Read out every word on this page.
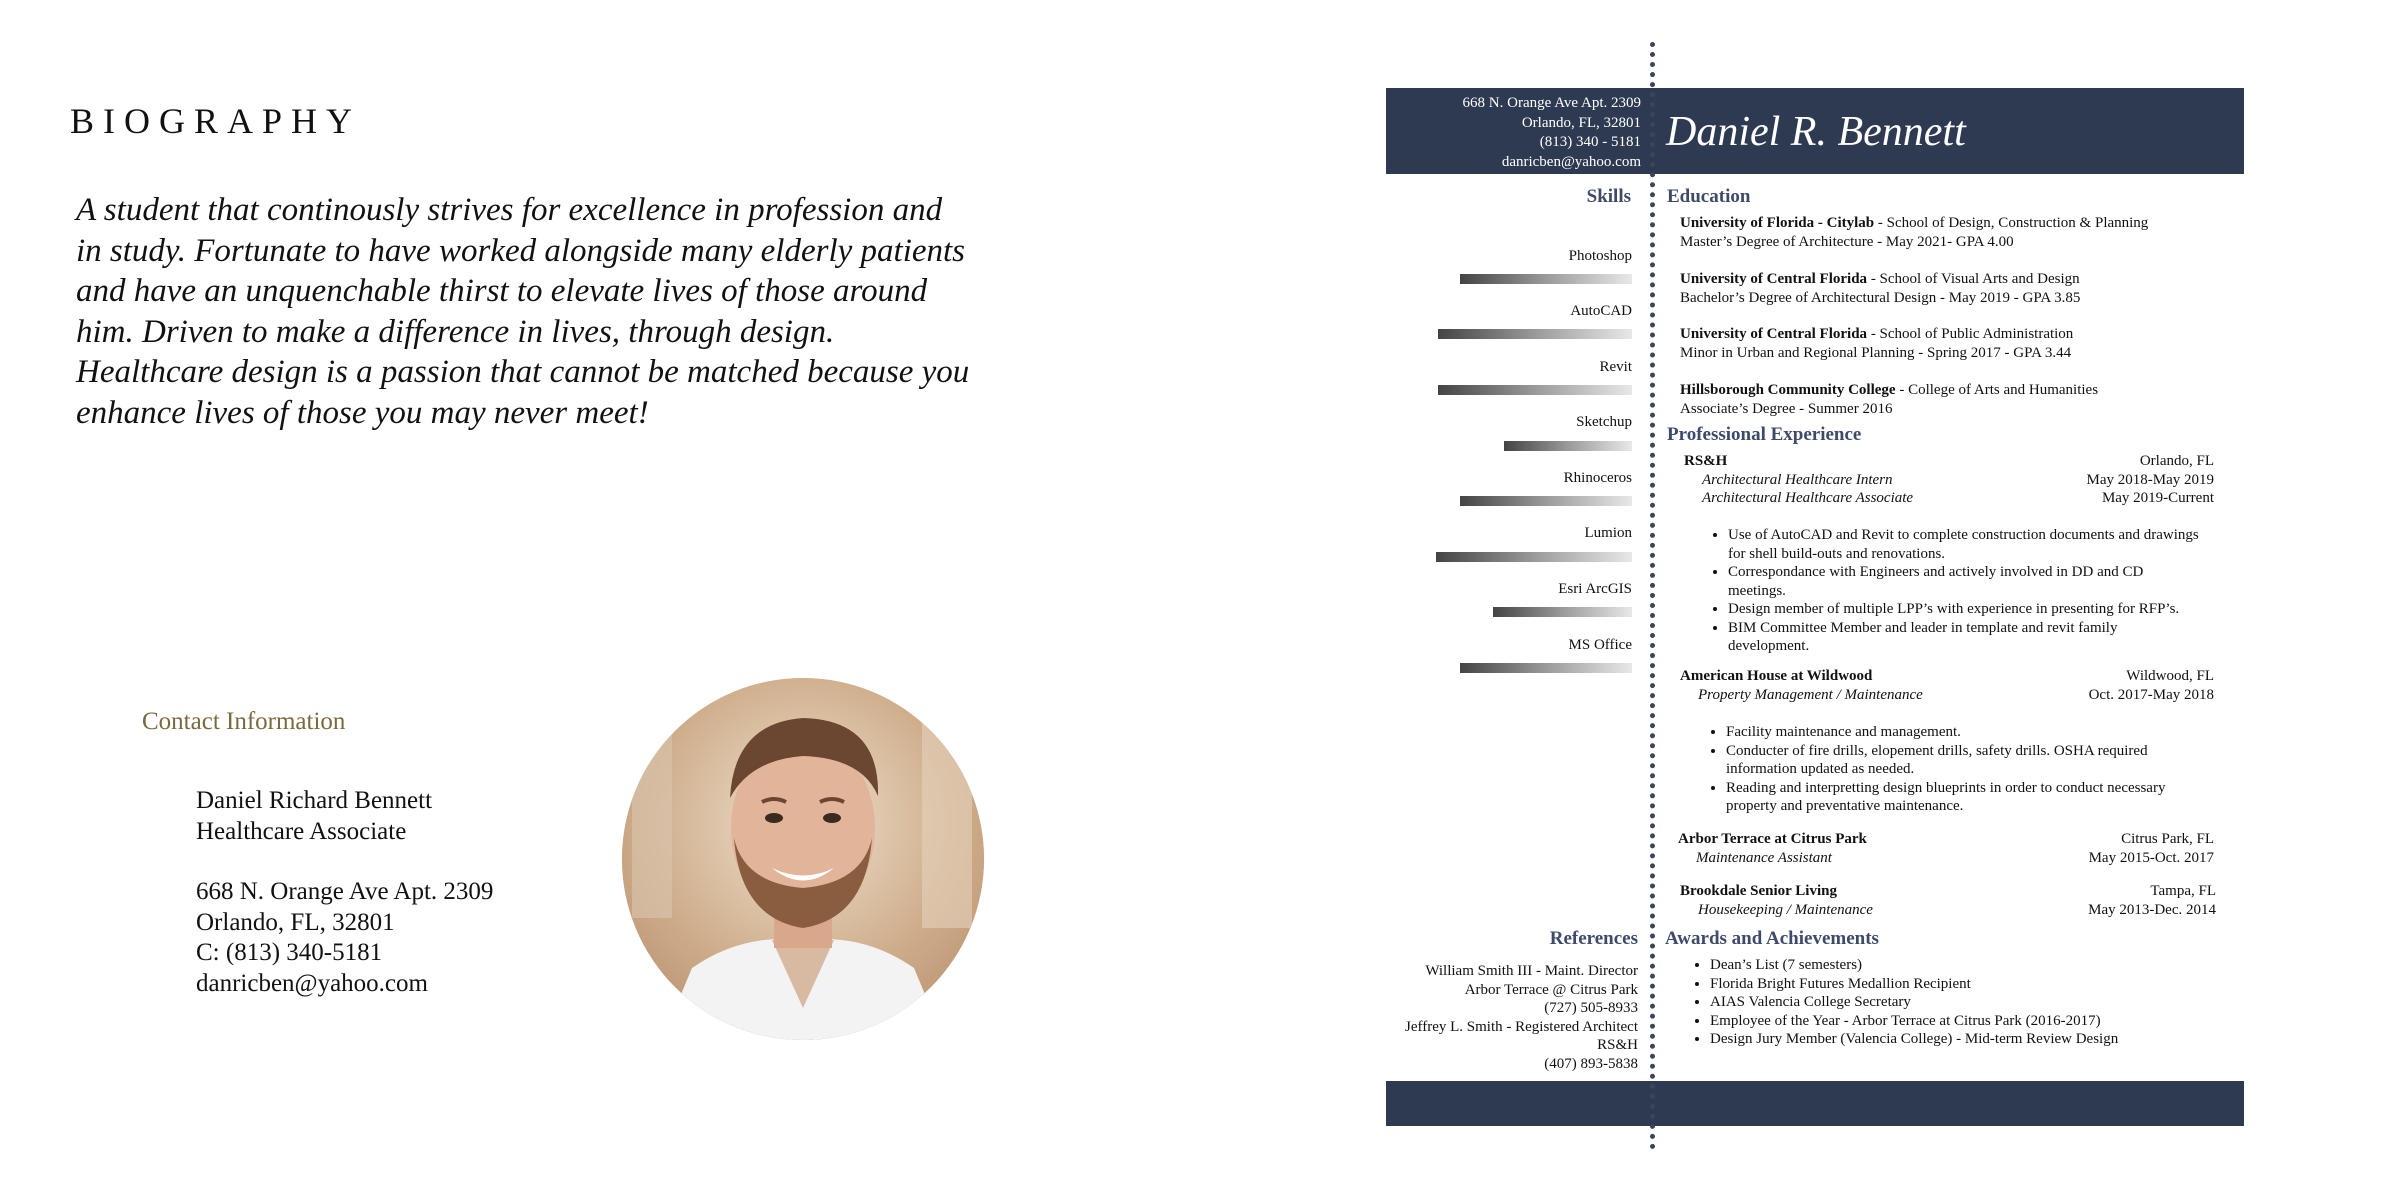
BIOGRAPHY
A student that continously strives for excellence in profession and
in study. Fortunate to have worked alongside many elderly patients
and have an unquenchable thirst to elevate lives of those around
him. Driven to make a difference in lives, through design.
Healthcare design is a passion that cannot be matched because you
enhance lives of those you may never meet!
Contact Information
Daniel Richard Bennett
Healthcare Associate
668 N. Orange Ave Apt. 2309
Orlando, FL, 32801
C: (813) 340-5181
danricben@yahoo.com
668 N. Orange Ave Apt. 2309
Orlando, FL, 32801
(813) 340 - 5181
danricben@yahoo.com
Daniel R. Bennett
Skills
Photoshop
AutoCAD
Revit
Sketchup
Rhinoceros
Lumion
Esri ArcGIS
MS Office
Education
University of Florida - Citylab - School of Design, Construction & Planning
Master’s Degree of Architecture - May 2021- GPA 4.00
University of Central Florida - School of Visual Arts and Design
Bachelor’s Degree of Architectural Design - May 2019 - GPA 3.85
University of Central Florida - School of Public Administration
Minor in Urban and Regional Planning - Spring 2017 - GPA 3.44
Hillsborough Community College - College of Arts and Humanities
Associate’s Degree - Summer 2016
Professional Experience
RS&H	Orlando, FL
Architectural Healthcare Intern	May 2018-May 2019
Architectural Healthcare Associate	May 2019-Current
• Use of AutoCAD and Revit to complete construction documents and drawings
for shell build-outs and renovations.
• Correspondance with Engineers and actively involved in DD and CD
meetings.
• Design member of multiple LPP’s with experience in presenting for RFP’s.
• BIM Committee Member and leader in template and revit family
development.
American House at Wildwood	Wildwood, FL
Property Management / Maintenance	Oct. 2017-May 2018
• Facility maintenance and management.
• Conducter of fire drills, elopement drills, safety drills. OSHA required
information updated as needed.
• Reading and interpretting design blueprints in order to conduct necessary
property and preventative maintenance.
Arbor Terrace at Citrus Park	Citrus Park, FL
Maintenance Assistant	May 2015-Oct. 2017
Brookdale Senior Living	Tampa, FL
Housekeeping / Maintenance	May 2013-Dec. 2014
References
William Smith III - Maint. Director
Arbor Terrace @ Citrus Park
(727) 505-8933
Jeffrey L. Smith - Registered Architect
RS&H
(407) 893-5838
Awards and Achievements
• Dean’s List (7 semesters)
• Florida Bright Futures Medallion Recipient
• AIAS Valencia College Secretary
• Employee of the Year - Arbor Terrace at Citrus Park (2016-2017)
• Design Jury Member (Valencia College) - Mid-term Review Design
